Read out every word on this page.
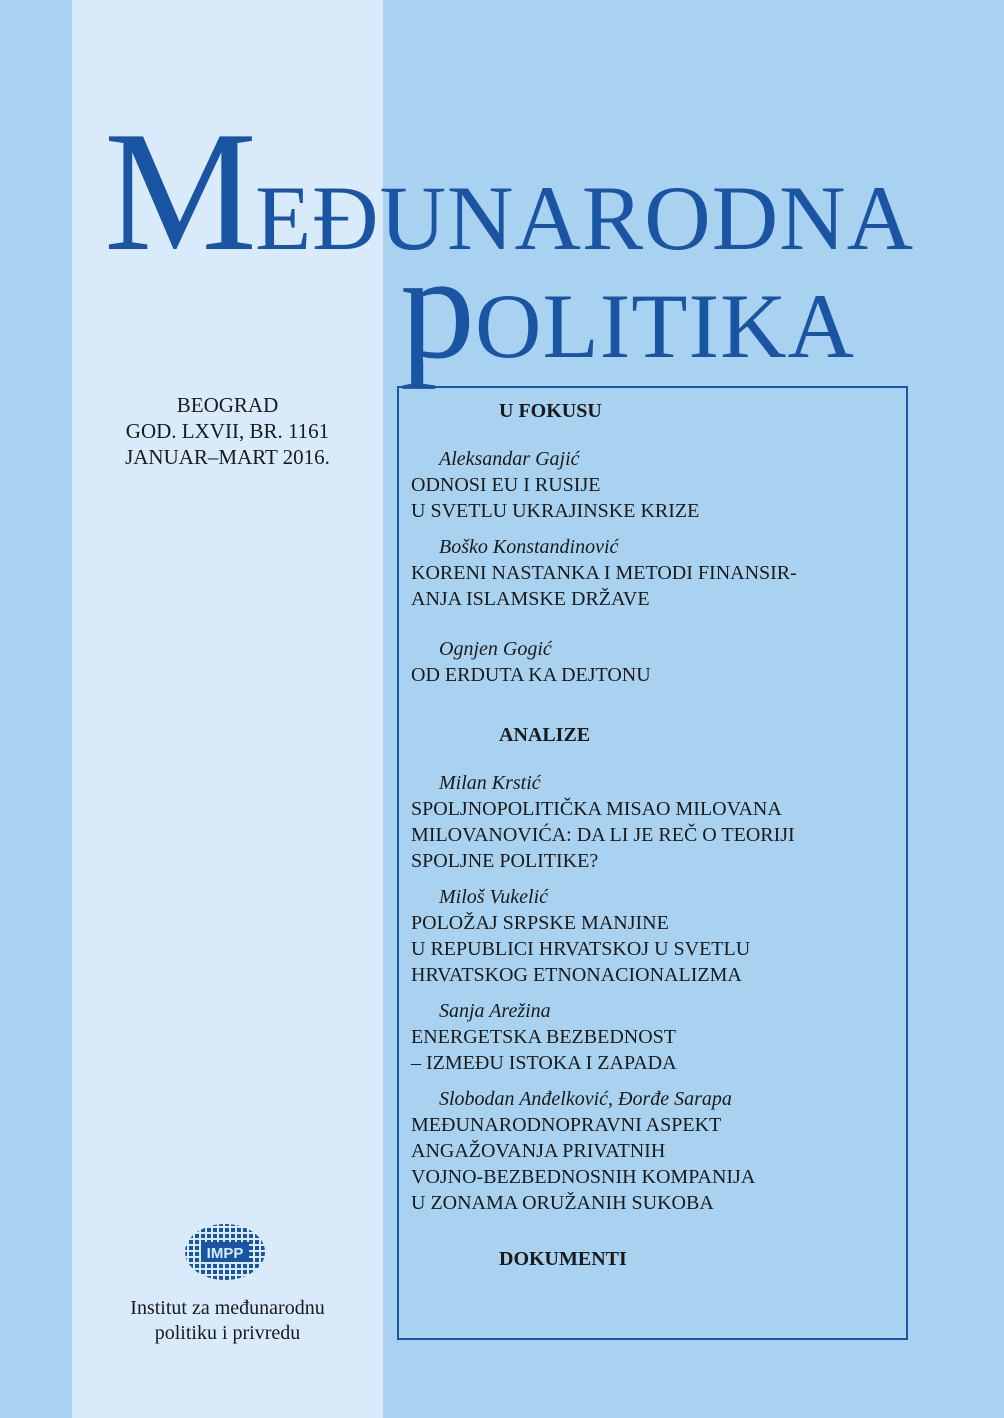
MEĐUNARODNA
pOLITIKA
BEOGRAD
GOD. LXVII, BR. 1161
JANUAR–MART 2016.
U FOKUSU
Aleksandar Gajić
ODNOSI EU I RUSIJE
U SVETLU UKRAJINSKE KRIZE
Boško Konstandinović
KORENI NASTANKA I METODI FINANSIR-
ANJA ISLAMSKE DRŽAVE
Ognjen Gogić
OD ERDUTA KA DEJTONU
ANALIZE
Milan Krstić
SPOLJNOPOLITIČKA MISAO MILOVANA
MILOVANOVIĆA: DA LI JE REČ O TEORIJI
SPOLJNE POLITIKE?
Miloš Vukelić
POLOŽAJ SRPSKE MANJINE
U REPUBLICI HRVATSKOJ U SVETLU
HRVATSKOG ETNONACIONALIZMA
Sanja Arežina
ENERGETSKA BEZBEDNOST
– IZMEĐU ISTOKA I ZAPADA
Slobodan Anđelković, Đorđe Sarapa
MEĐUNARODNOPRAVNI ASPEKT
ANGAŽOVANJA PRIVATNIH
VOJNO-BEZBEDNOSNIH KOMPANIJA
U ZONAMA ORUŽANIH SUKOBA
DOKUMENTI
IMPP
Institut za međunarodnu
politiku i privredu
